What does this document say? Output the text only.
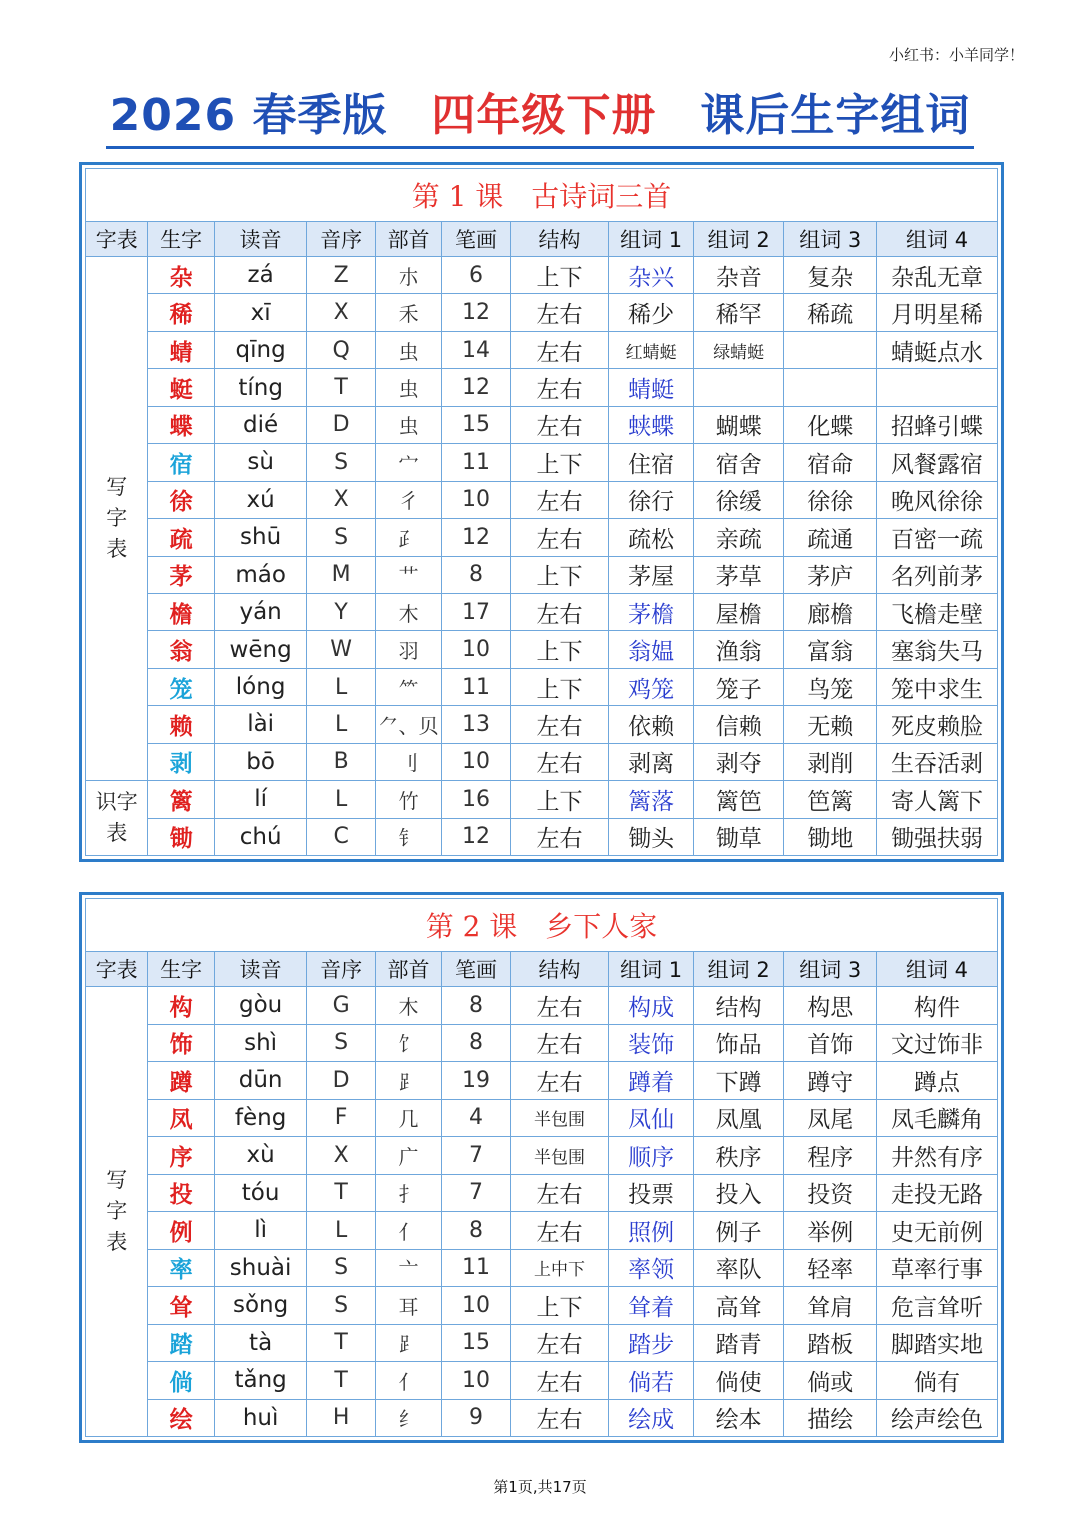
小红书：小羊同学！
2026 春季版 四年级下册 课后生字组词
第 1 课　古诗词三首										
字表	生字	读音	音序	部首	笔画	结构	组词 1	组词 2	组词 3	组词 4
写
字
表	杂	zá	Z	朩	6	上下	杂兴	杂音	复杂	杂乱无章
	稀	xī	X	禾	12	左右	稀少	稀罕	稀疏	月明星稀
	蜻	qīng	Q	虫	14	左右	红蜻蜓	绿蜻蜓		蜻蜓点水
	蜓	tíng	T	虫	12	左右	蜻蜓			
	蝶	dié	D	虫	15	左右	蛱蝶	蝴蝶	化蝶	招蜂引蝶
	宿	sù	S	宀	11	上下	住宿	宿舍	宿命	风餐露宿
	徐	xú	X	彳	10	左右	徐行	徐缓	徐徐	晚风徐徐
	疏	shū	S	⺪	12	左右	疏松	亲疏	疏通	百密一疏
	茅	máo	M	艹	8	上下	茅屋	茅草	茅庐	名列前茅
	檐	yán	Y	木	17	左右	茅檐	屋檐	廊檐	飞檐走壁
	翁	wēng	W	羽	10	上下	翁媪	渔翁	富翁	塞翁失马
	笼	lóng	L	⺮	11	上下	鸡笼	笼子	鸟笼	笼中求生
	赖	lài	L	⺈、贝	13	左右	依赖	信赖	无赖	死皮赖脸
	剥	bō	B	刂	10	左右	剥离	剥夺	剥削	生吞活剥
识字
表	篱	lí	L	竹	16	上下	篱落	篱笆	笆篱	寄人篱下
	锄	chú	C	钅	12	左右	锄头	锄草	锄地	锄强扶弱
第 2 课　乡下人家										
字表	生字	读音	音序	部首	笔画	结构	组词 1	组词 2	组词 3	组词 4
写
字
表	构	gòu	G	木	8	左右	构成	结构	构思	构件
	饰	shì	S	饣	8	左右	装饰	饰品	首饰	文过饰非
	蹲	dūn	D	⻊	19	左右	蹲着	下蹲	蹲守	蹲点
	凤	fèng	F	几	4	半包围	凤仙	凤凰	凤尾	凤毛麟角
	序	xù	X	广	7	半包围	顺序	秩序	程序	井然有序
	投	tóu	T	扌	7	左右	投票	投入	投资	走投无路
	例	lì	L	亻	8	左右	照例	例子	举例	史无前例
	率	shuài	S	亠	11	上中下	率领	率队	轻率	草率行事
	耸	sǒng	S	耳	10	上下	耸着	高耸	耸肩	危言耸听
	踏	tà	T	⻊	15	左右	踏步	踏青	踏板	脚踏实地
	倘	tǎng	T	亻	10	左右	倘若	倘使	倘或	倘有
	绘	huì	H	纟	9	左右	绘成	绘本	描绘	绘声绘色
第1页,共17页
